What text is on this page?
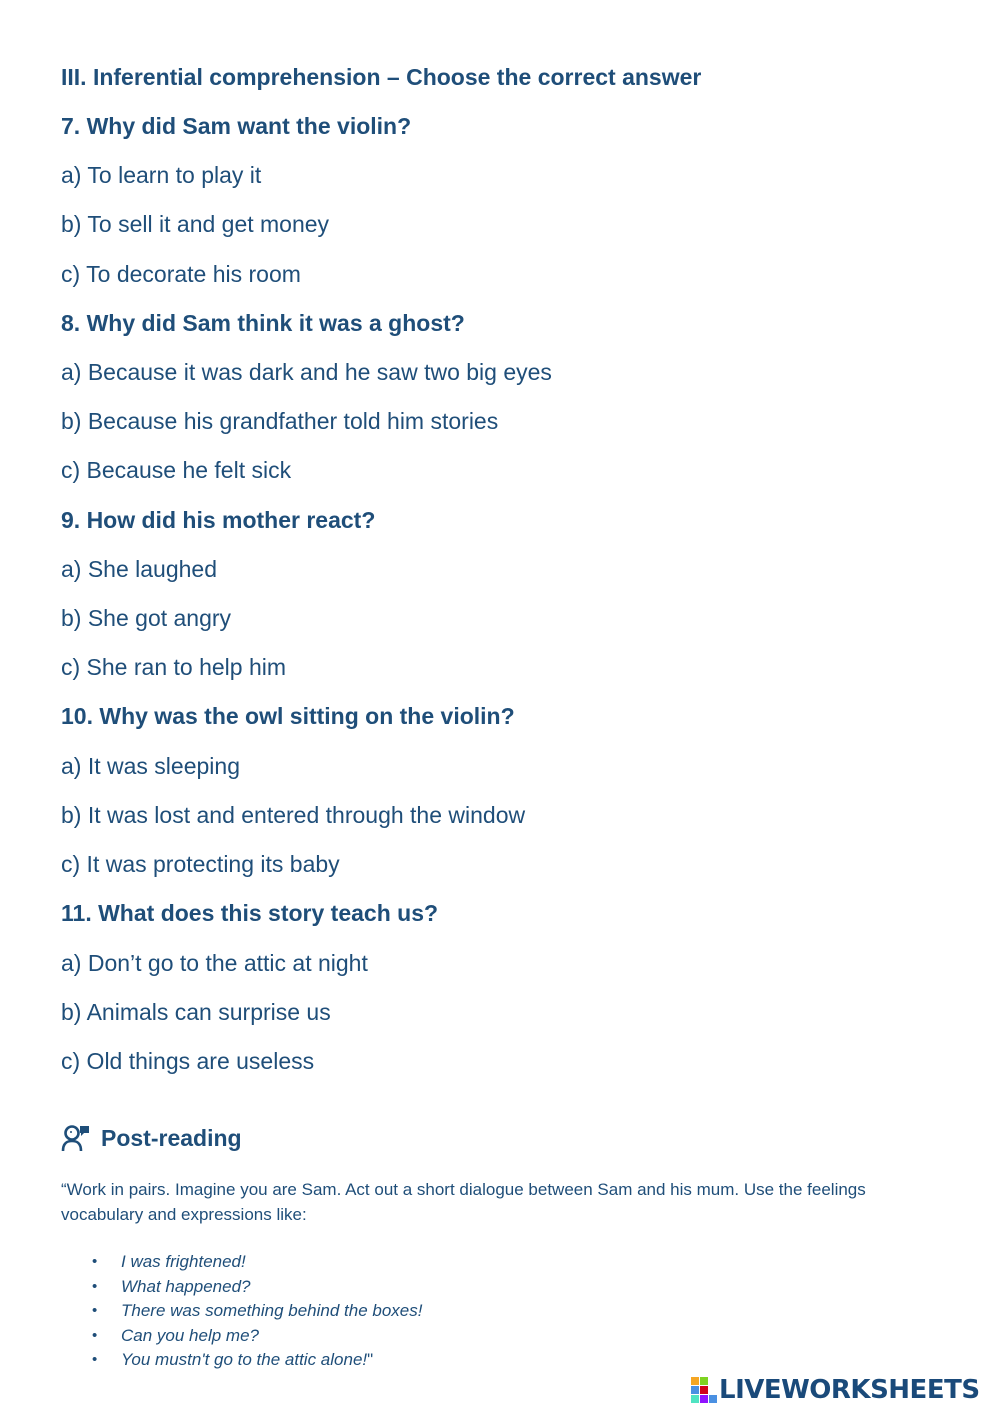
III. Inferential comprehension – Choose the correct answer
7. Why did Sam want the violin?
a) To learn to play it
b) To sell it and get money
c) To decorate his room
8. Why did Sam think it was a ghost?
a) Because it was dark and he saw two big eyes
b) Because his grandfather told him stories
c) Because he felt sick
9. How did his mother react?
a) She laughed
b) She got angry
c) She ran to help him
10. Why was the owl sitting on the violin?
a) It was sleeping
b) It was lost and entered through the window
c) It was protecting its baby
11. What does this story teach us?
a) Don’t go to the attic at night
b) Animals can surprise us
c) Old things are useless
Post-reading
“Work in pairs. Imagine you are Sam. Act out a short dialogue between Sam and his mum. Use the feelings vocabulary and expressions like:
• I was frightened!
• What happened?
• There was something behind the boxes!
• Can you help me?
• You mustn't go to the attic alone!"
LIVEWORKSHEETS
